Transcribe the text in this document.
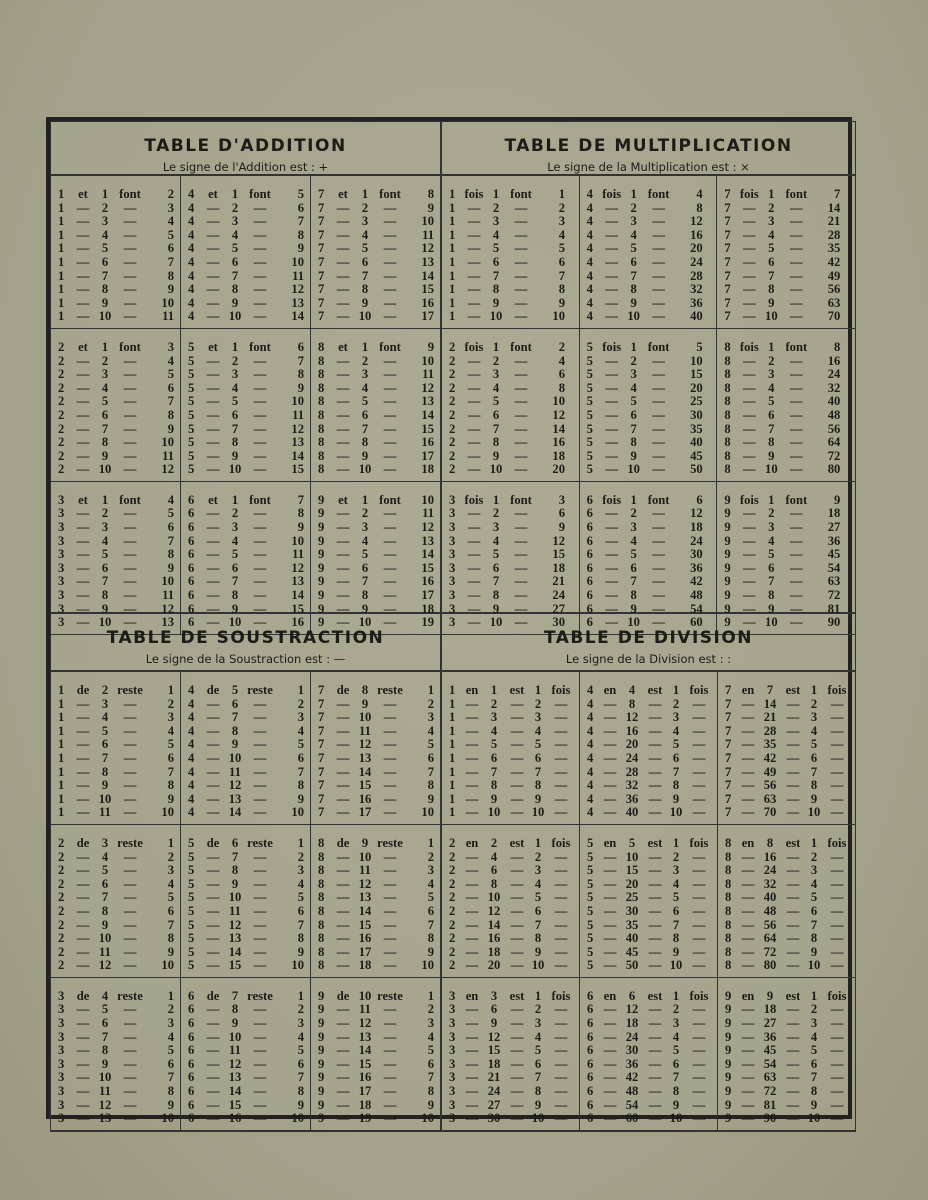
TABLE D'ADDITION
Le signe de l'Addition est : +
1	et	1 font	2
1 — 2	—	3
1 — 3	—	4
1 — 4	—	5
1 — 5	—	6
1 — 6	—	7
1 — 7	—	8
1 — 8	—	9
1 — 9	—	10
1 — 10 —	11
4	et	1 font	5
4 — 2	—	6
4 — 3	—	7
4 — 4	—	8
4 — 5	—	9
4 — 6	—	10
4 — 7	—	11
4 — 8	—	12
4 — 9	—	13
4 — 10 —	14
7	et	1 font	8
7 — 2	—	9
7 — 3	—	10
7 — 4	—	11
7 — 5	—	12
7 — 6	—	13
7 — 7	—	14
7 — 8	—	15
7 — 9	—	16
7 — 10 —	17
2	et	1 font	3
2 — 2	—	4
2 — 3	—	5
2 — 4	—	6
2 — 5	—	7
2 — 6	—	8
2 — 7	—	9
2 — 8	—	10
2 — 9	—	11
2 — 10 —	12
5	et	1 font	6
5 — 2	—	7
5 — 3	—	8
5 — 4	—	9
5 — 5	—	10
5 — 6	—	11
5 — 7	—	12
5 — 8	—	13
5 — 9	—	14
5 — 10 —	15
8	et	1 font	9
8 — 2	—	10
8 — 3	—	11
8 — 4	—	12
8 — 5	—	13
8 — 6	—	14
8 — 7	—	15
8 — 8	—	16
8 — 9	—	17
8 — 10 —	18
3	et	1 font	4
3 — 2	—	5
3 — 3	—	6
3 — 4	—	7
3 — 5	—	8
3 — 6	—	9
3 — 7	—	10
3 — 8	—	11
3 — 9	—	12
3 — 10 —	13
6	et	1 font	7
6 — 2	—	8
6 — 3	—	9
6 — 4	—	10
6 — 5	—	11
6 — 6	—	12
6 — 7	—	13
6 — 8	—	14
6 — 9	—	15
6 — 10 —	16
9	et	1 font	10
9 — 2	—	11
9 — 3	—	12
9 — 4	—	13
9 — 5	—	14
9 — 6	—	15
9 — 7	—	16
9 — 8	—	17
9 — 9	—	18
9 — 10 —	19
TABLE DE MULTIPLICATION
Le signe de la Multiplication est : ×
1 fois 1 font	1
1 — 2	—	2
1 — 3	—	3
1 — 4	—	4
1 — 5	—	5
1 — 6	—	6
1 — 7	—	7
1 — 8	—	8
1 — 9	—	9
1 — 10 —	10
4 fois 1 font	4
4 — 2	—	8
4 — 3	—	12
4 — 4	—	16
4 — 5	—	20
4 — 6	—	24
4 — 7	—	28
4 — 8	—	32
4 — 9	—	36
4 — 10 —	40
7 fois 1 font	7
7 — 2	—	14
7 — 3	—	21
7 — 4	—	28
7 — 5	—	35
7 — 6	—	42
7 — 7	—	49
7 — 8	—	56
7 — 9	—	63
7 — 10 —	70
2 fois 1 font	2
2 — 2	—	4
2 — 3	—	6
2 — 4	—	8
2 — 5	—	10
2 — 6	—	12
2 — 7	—	14
2 — 8	—	16
2 — 9	—	18
2 — 10 —	20
5 fois 1 font	5
5 — 2	—	10
5 — 3	—	15
5 — 4	—	20
5 — 5	—	25
5 — 6	—	30
5 — 7	—	35
5 — 8	—	40
5 — 9	—	45
5 — 10 —	50
8 fois 1 font	8
8 — 2	—	16
8 — 3	—	24
8 — 4	—	32
8 — 5	—	40
8 — 6	—	48
8 — 7	—	56
8 — 8	—	64
8 — 9	—	72
8 — 10 —	80
3 fois 1 font	3
3 — 2	—	6
3 — 3	—	9
3 — 4	—	12
3 — 5	—	15
3 — 6	—	18
3 — 7	—	21
3 — 8	—	24
3 — 9	—	27
3 — 10 —	30
6 fois 1 font	6
6 — 2	—	12
6 — 3	—	18
6 — 4	—	24
6 — 5	—	30
6 — 6	—	36
6 — 7	—	42
6 — 8	—	48
6 — 9	—	54
6 — 10 —	60
9 fois 1 font	9
9 — 2	—	18
9 — 3	—	27
9 — 4	—	36
9 — 5	—	45
9 — 6	—	54
9 — 7	—	63
9 — 8	—	72
9 — 9	—	81
9 — 10 —	90
TABLE DE SOUSTRACTION
Le signe de la Soustraction est : —
1 de 2 reste	1
1 — 3	—	2
1 — 4	—	3
1 — 5	—	4
1 — 6	—	5
1 — 7	—	6
1 — 8	—	7
1 — 9	—	8
1 — 10 —	9
1 — 11	—	10
4 de 5 reste	1
4 — 6	—	2
4 — 7	—	3
4 — 8	—	4
4 — 9	—	5
4 — 10 —	6
4 — 11	—	7
4 — 12 —	8
4 — 13 —	9
4 — 14 —	10
7 de 8 reste	1
7 — 9	—	2
7 — 10 —	3
7 — 11	—	4
7 — 12 —	5
7 — 13 —	6
7 — 14 —	7
7 — 15 —	8
7 — 16 —	9
7 — 17 —	10
2 de 3 reste	1
2 — 4	—	2
2 — 5	—	3
2 — 6	—	4
2 — 7	—	5
2 — 8	—	6
2 — 9	—	7
2 — 10 —	8
2 — 11	—	9
2 — 12 —	10
5 de 6 reste	1
5 — 7	—	2
5 — 8	—	3
5 — 9	—	4
5 — 10 —	5
5 — 11	—	6
5 — 12 —	7
5 — 13 —	8
5 — 14 —	9
5 — 15 —	10
8 de 9 reste	1
8 — 10 —	2
8 — 11	—	3
8 — 12 —	4
8 — 13 —	5
8 — 14 —	6
8 — 15 —	7
8 — 16 —	8
8 — 17 —	9
8 — 18 —	10
3 de 4 reste	1
3 — 5	—	2
3 — 6	—	3
3 — 7	—	4
3 — 8	—	5
3 — 9	—	6
3 — 10 —	7
3 — 11	—	8
3 — 12 —	9
3 — 13 —	10
6 de 7 reste	1
6 — 8	—	2
6 — 9	—	3
6 — 10 —	4
6 — 11	—	5
6 — 12 —	6
6 — 13 —	7
6 — 14 —	8
6 — 15 —	9
6 — 16 —	10
9 de 10 reste	1
9 — 11	—	2
9 — 12 —	3
9 — 13 —	4
9 — 14 —	5
9 — 15 —	6
9 — 16 —	7
9 — 17 —	8
9 — 18 —	9
9 — 19 —	10
TABLE DE DIVISION
Le signe de la Division est : :
1 en 1 est 1 fois
1 — 2	— 2	—
1 — 3	— 3	—
1 — 4	— 4	—
1 — 5	— 5	—
1 — 6	— 6	—
1 — 7	— 7	—
1 — 8	— 8	—
1 — 9	— 9	—
1 — 10 — 10 —
4 en 4 est 1 fois
4 — 8	— 2	—
4 — 12 — 3	—
4 — 16 — 4	—
4 — 20 — 5	—
4 — 24 — 6	—
4 — 28 — 7	—
4 — 32 — 8	—
4 — 36 — 9	—
4 — 40 — 10 —
7 en 7 est 1 fois
7 — 14 — 2	—
7 — 21 — 3	—
7 — 28 — 4	—
7 — 35 — 5	—
7 — 42 — 6	—
7 — 49 — 7	—
7 — 56 — 8	—
7 — 63 — 9	—
7 — 70 — 10 —
2 en 2 est 1 fois
2 — 4	— 2	—
2 — 6	— 3	—
2 — 8	— 4	—
2 — 10 — 5	—
2 — 12 — 6	—
2 — 14 — 7	—
2 — 16 — 8	—
2 — 18 — 9	—
2 — 20 — 10 —
5 en 5 est 1 fois
5 — 10 — 2	—
5 — 15 — 3	—
5 — 20 — 4	—
5 — 25 — 5	—
5 — 30 — 6	—
5 — 35 — 7	—
5 — 40 — 8	—
5 — 45 — 9	—
5 — 50 — 10 —
8 en 8 est 1 fois
8 — 16 — 2	—
8 — 24 — 3	—
8 — 32 — 4	—
8 — 40 — 5	—
8 — 48 — 6	—
8 — 56 — 7	—
8 — 64 — 8	—
8 — 72 — 9	—
8 — 80 — 10 —
3 en 3 est 1 fois
3 — 6	— 2	—
3 — 9	— 3	—
3 — 12 — 4	—
3 — 15 — 5	—
3 — 18 — 6	—
3 — 21 — 7	—
3 — 24 — 8	—
3 — 27 — 9	—
3 — 30 — 10 —
6 en 6 est 1 fois
6 — 12 — 2	—
6 — 18 — 3	—
6 — 24 — 4	—
6 — 30 — 5	—
6 — 36 — 6	—
6 — 42 — 7	—
6 — 48 — 8	—
6 — 54 — 9	—
6 — 60 — 10 —
9 en 9 est 1 fois
9 — 18 — 2	—
9 — 27 — 3	—
9 — 36 — 4	—
9 — 45 — 5	—
9 — 54 — 6	—
9 — 63 — 7	—
9 — 72 — 8	—
9 — 81 — 9	—
9 — 90 — 10 —
